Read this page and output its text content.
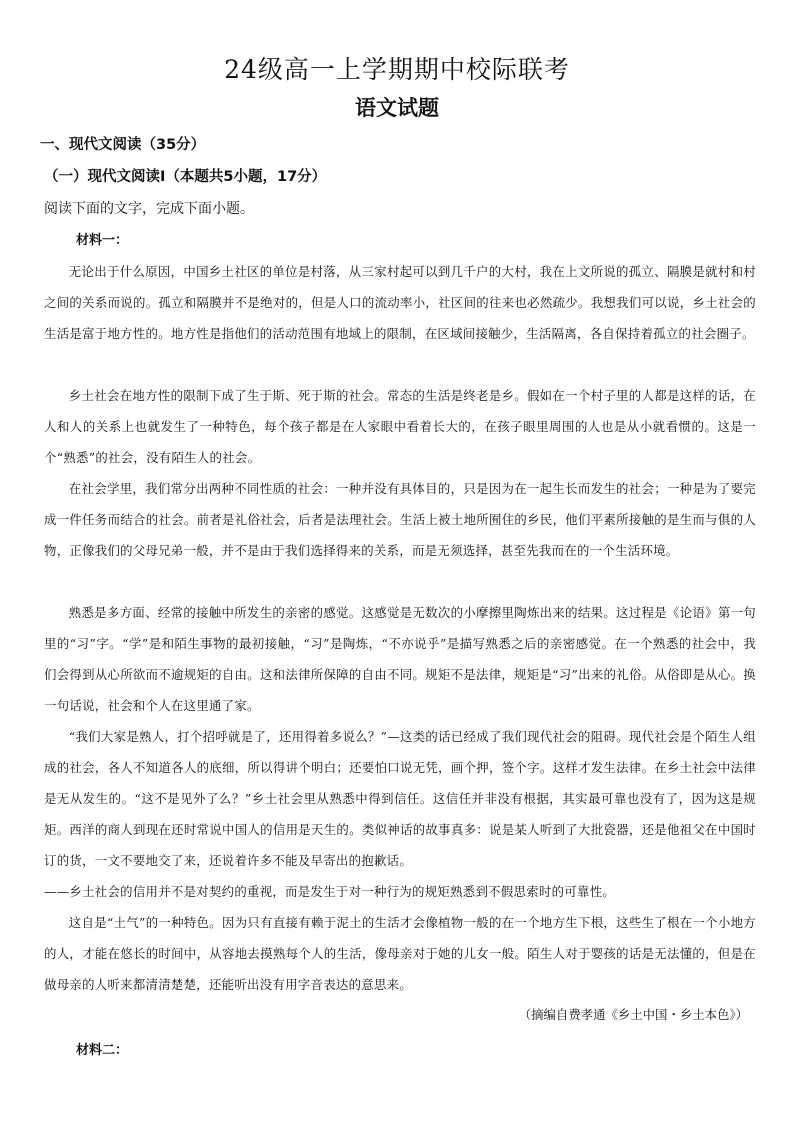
24级高一上学期期中校际联考
语文试题
一、现代文阅读（35分）
（一）现代文阅读Ⅰ（本题共5小题，17分）
阅读下面的文字，完成下面小题。
材料一：

无论出于什么原因，中国乡土社区的单位是村落，从三家村起可以到几千户的大村，我在上文所说的孤立、隔膜是就村和村之间的关系而说的。孤立和隔膜并不是绝对的，但是人口的流动率小，社区间的往来也必然疏少。我想我们可以说，乡土社会的生活是富于地方性的。地方性是指他们的活动范围有地域上的限制，在区域间接触少，生活隔离，各自保持着孤立的社会圈子。

乡土社会在地方性的限制下成了生于斯、死于斯的社会。常态的生活是终老是乡。假如在一个村子里的人都是这样的话，在人和人的关系上也就发生了一种特色，每个孩子都是在人家眼中看着长大的，在孩子眼里周围的人也是从小就看惯的。这是一个“熟悉”的社会，没有陌生人的社会。

在社会学里，我们常分出两种不同性质的社会：一种并没有具体目的，只是因为在一起生长而发生的社会；一种是为了要完成一件任务而结合的社会。前者是礼俗社会，后者是法理社会。生活上被土地所囿住的乡民，他们平素所接触的是生而与俱的人物，正像我们的父母兄弟一般，并不是由于我们选择得来的关系，而是无须选择，甚至先我而在的一个生活环境。

熟悉是多方面、经常的接触中所发生的亲密的感觉。这感觉是无数次的小摩擦里陶炼出来的结果。这过程是《论语》第一句里的“习”字。“学”是和陌生事物的最初接触，“习”是陶炼，“不亦说乎”是描写熟悉之后的亲密感觉。在一个熟悉的社会中，我们会得到从心所欲而不逾规矩的自由。这和法律所保障的自由不同。规矩不是法律，规矩是“习”出来的礼俗。从俗即是从心。换一句话说，社会和个人在这里通了家。

“我们大家是熟人，打个招呼就是了，还用得着多说么？”—这类的话已经成了我们现代社会的阻碍。现代社会是个陌生人组成的社会，各人不知道各人的底细，所以得讲个明白；还要怕口说无凭，画个押，签个字。这样才发生法律。在乡土社会中法律是无从发生的。“这不是见外了么？”乡土社会里从熟悉中得到信任。这信任并非没有根据，其实最可靠也没有了，因为这是规矩。西洋的商人到现在还时常说中国人的信用是天生的。类似神话的故事真多：说是某人听到了大批瓷器，还是他祖父在中国时订的货，一文不要地交了来，还说着许多不能及早寄出的抱歉话。

——乡土社会的信用并不是对契约的重视，而是发生于对一种行为的规矩熟悉到不假思索时的可靠性。

这自是“土气”的一种特色。因为只有直接有赖于泥土的生活才会像植物一般的在一个地方生下根，这些生了根在一个小地方的人，才能在悠长的时间中，从容地去摸熟每个人的生活，像母亲对于她的儿女一般。陌生人对于婴孩的话是无法懂的，但是在做母亲的人听来都清清楚楚，还能听出没有用字音表达的意思来。

（摘编自费孝通《乡土中国・乡土本色》）
材料二：
